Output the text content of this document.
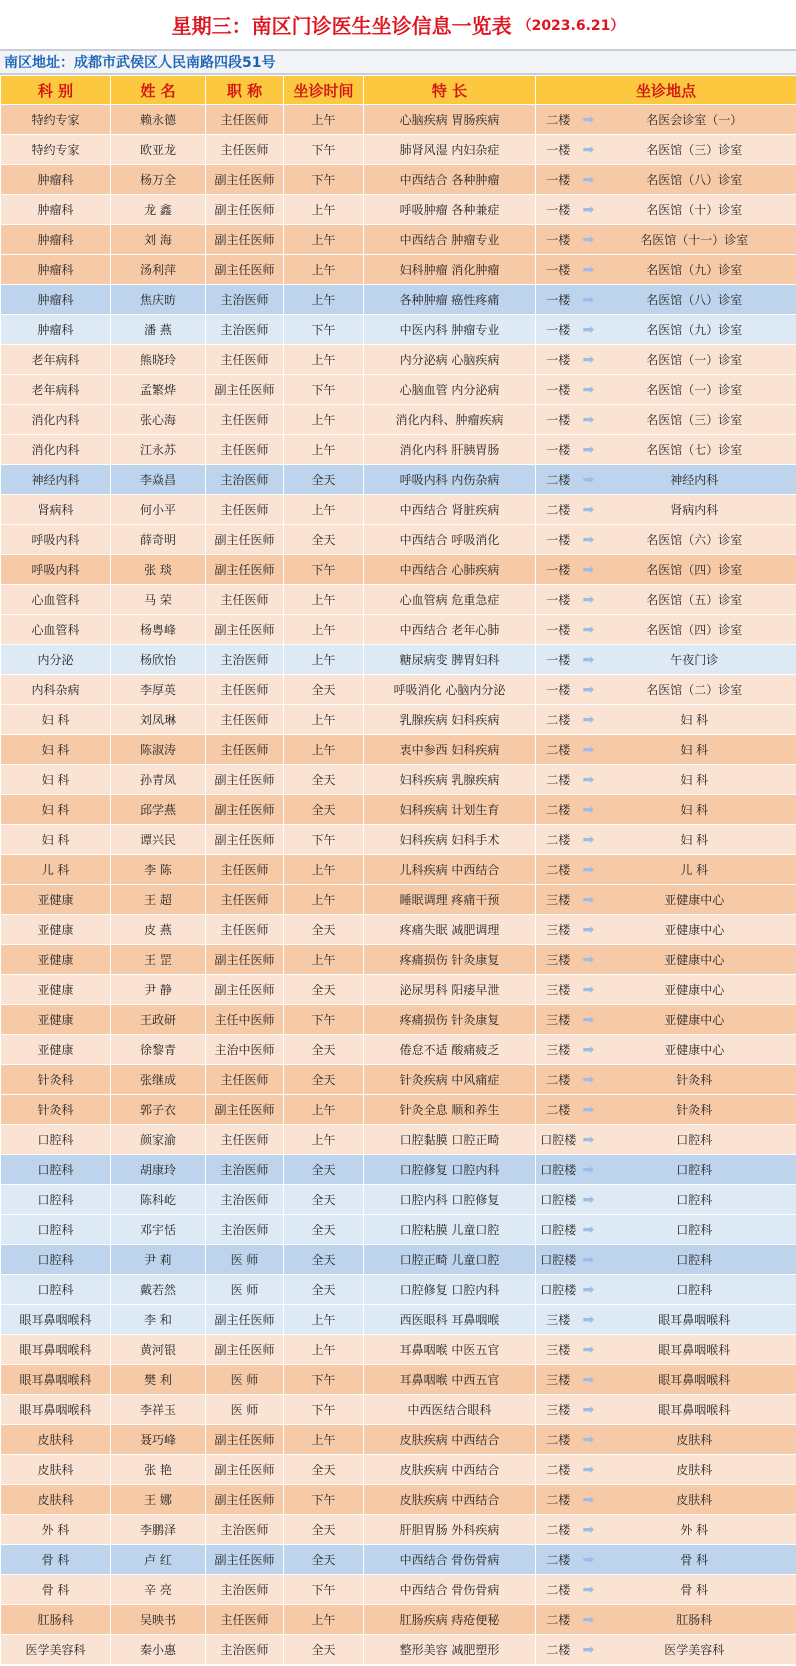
星期三：南区门诊医生坐诊信息一览表 （2023.6.21）
南区地址：成都市武侯区人民南路四段51号
科 别	姓 名	职 称	坐诊时间	特 长	坐诊地点	
特约专家	赖永德	主任医师	上午	心脑疾病 胃肠疾病	二楼	➡ 名医会诊室（一）
特约专家	欧亚龙	主任医师	下午	肺肾风湿 内妇杂症	一楼	➡ 名医馆（三）诊室
肿瘤科	杨万全	副主任医师	下午	中西结合 各种肿瘤	一楼	➡ 名医馆（八）诊室
肿瘤科	龙 鑫	副主任医师	上午	呼吸肿瘤 各种兼症	一楼	➡ 名医馆（十）诊室
肿瘤科	刘 海	副主任医师	上午	中西结合 肿瘤专业	一楼	➡ 名医馆（十一）诊室
肿瘤科	汤利萍	副主任医师	上午	妇科肿瘤 消化肿瘤	一楼	➡ 名医馆（九）诊室
肿瘤科	焦庆昉	主治医师	上午	各种肿瘤 癌性疼痛	一楼	➡ 名医馆（八）诊室
肿瘤科	潘 燕	主治医师	下午	中医内科 肿瘤专业	一楼	➡ 名医馆（九）诊室
老年病科	熊晓玲	主任医师	上午	内分泌病 心脑疾病	一楼	➡ 名医馆（一）诊室
老年病科	孟繁烨	副主任医师	下午	心脑血管 内分泌病	一楼	➡ 名医馆（一）诊室
消化内科	张心海	主任医师	上午	消化内科、肿瘤疾病	一楼	➡ 名医馆（三）诊室
消化内科	江永苏	主任医师	上午	消化内科 肝胰胃肠	一楼	➡ 名医馆（七）诊室
神经内科	李焱昌	主治医师	全天	呼吸内科 内伤杂病	二楼	➡ 神经内科
肾病科	何小平	主任医师	上午	中西结合 肾脏疾病	二楼	➡ 肾病内科
呼吸内科	薛奇明	副主任医师	全天	中西结合 呼吸消化	一楼	➡ 名医馆（六）诊室
呼吸内科	张 琰	副主任医师	下午	中西结合 心肺疾病	一楼	➡ 名医馆（四）诊室
心血管科	马 荣	主任医师	上午	心血管病 危重急症	一楼	➡ 名医馆（五）诊室
心血管科	杨粤峰	副主任医师	上午	中西结合 老年心肺	一楼	➡ 名医馆（四）诊室
内分泌	杨欣怡	主治医师	上午	糖尿病变 脾胃妇科	一楼	➡ 午夜门诊
内科杂病	李厚英	主任医师	全天	呼吸消化 心脑内分泌	一楼	➡ 名医馆（二）诊室
妇 科	刘凤琳	主任医师	上午	乳腺疾病 妇科疾病	二楼	➡ 妇 科
妇 科	陈淑涛	主任医师	上午	衷中参西 妇科疾病	二楼	➡ 妇 科
妇 科	孙青凤	副主任医师	全天	妇科疾病 乳腺疾病	二楼	➡ 妇 科
妇 科	邱学燕	副主任医师	全天	妇科疾病 计划生育	二楼	➡ 妇 科
妇 科	谭兴民	副主任医师	下午	妇科疾病 妇科手术	二楼	➡ 妇 科
儿 科	李 陈	主任医师	上午	儿科疾病 中西结合	二楼	➡ 儿 科
亚健康	王 超	主任医师	上午	睡眠调理 疼痛干预	三楼	➡ 亚健康中心
亚健康	皮 燕	主任医师	全天	疼痛失眠 减肥调理	三楼	➡ 亚健康中心
亚健康	王 罡	副主任医师	上午	疼痛损伤 针灸康复	三楼	➡ 亚健康中心
亚健康	尹 静	副主任医师	全天	泌尿男科 阳痿早泄	三楼	➡ 亚健康中心
亚健康	王政研	主任中医师	下午	疼痛损伤 针灸康复	三楼	➡ 亚健康中心
亚健康	徐黎青	主治中医师	全天	倦怠不适 酸痛疲乏	三楼	➡ 亚健康中心
针灸科	张继成	主任医师	全天	针灸疾病 中风痛症	二楼	➡ 针灸科
针灸科	郭子衣	副主任医师	上午	针灸全息 顺和养生	二楼	➡ 针灸科
口腔科	颜家渝	主任医师	上午	口腔黏膜 口腔正畸	口腔楼	➡ 口腔科
口腔科	胡康玲	主治医师	全天	口腔修复 口腔内科	口腔楼	➡ 口腔科
口腔科	陈科屹	主治医师	全天	口腔内科 口腔修复	口腔楼	➡ 口腔科
口腔科	邓宇恬	主治医师	全天	口腔粘膜 儿童口腔	口腔楼	➡ 口腔科
口腔科	尹 莉	医 师	全天	口腔正畸 儿童口腔	口腔楼	➡ 口腔科
口腔科	戴若然	医 师	全天	口腔修复 口腔内科	口腔楼	➡ 口腔科
眼耳鼻咽喉科	李 和	副主任医师	上午	西医眼科 耳鼻咽喉	三楼	➡ 眼耳鼻咽喉科
眼耳鼻咽喉科	黄河银	副主任医师	上午	耳鼻咽喉 中医五官	三楼	➡ 眼耳鼻咽喉科
眼耳鼻咽喉科	樊 利	医 师	下午	耳鼻咽喉 中西五官	三楼	➡ 眼耳鼻咽喉科
眼耳鼻咽喉科	李祥玉	医 师	下午	中西医结合眼科	三楼	➡ 眼耳鼻咽喉科
皮肤科	聂巧峰	副主任医师	上午	皮肤疾病 中西结合	二楼	➡ 皮肤科
皮肤科	张 艳	副主任医师	全天	皮肤疾病 中西结合	二楼	➡ 皮肤科
皮肤科	王 娜	副主任医师	下午	皮肤疾病 中西结合	二楼	➡ 皮肤科
外 科	李鹏泽	主治医师	全天	肝胆胃肠 外科疾病	二楼	➡ 外 科
骨 科	卢 红	副主任医师	全天	中西结合 骨伤骨病	二楼	➡ 骨 科
骨 科	辛 亮	主治医师	下午	中西结合 骨伤骨病	二楼	➡ 骨 科
肛肠科	吴映书	主任医师	上午	肛肠疾病 痔疮便秘	二楼	➡ 肛肠科
医学美容科	秦小惠	主治医师	全天	整形美容 减肥塑形	二楼	➡ 医学美容科
